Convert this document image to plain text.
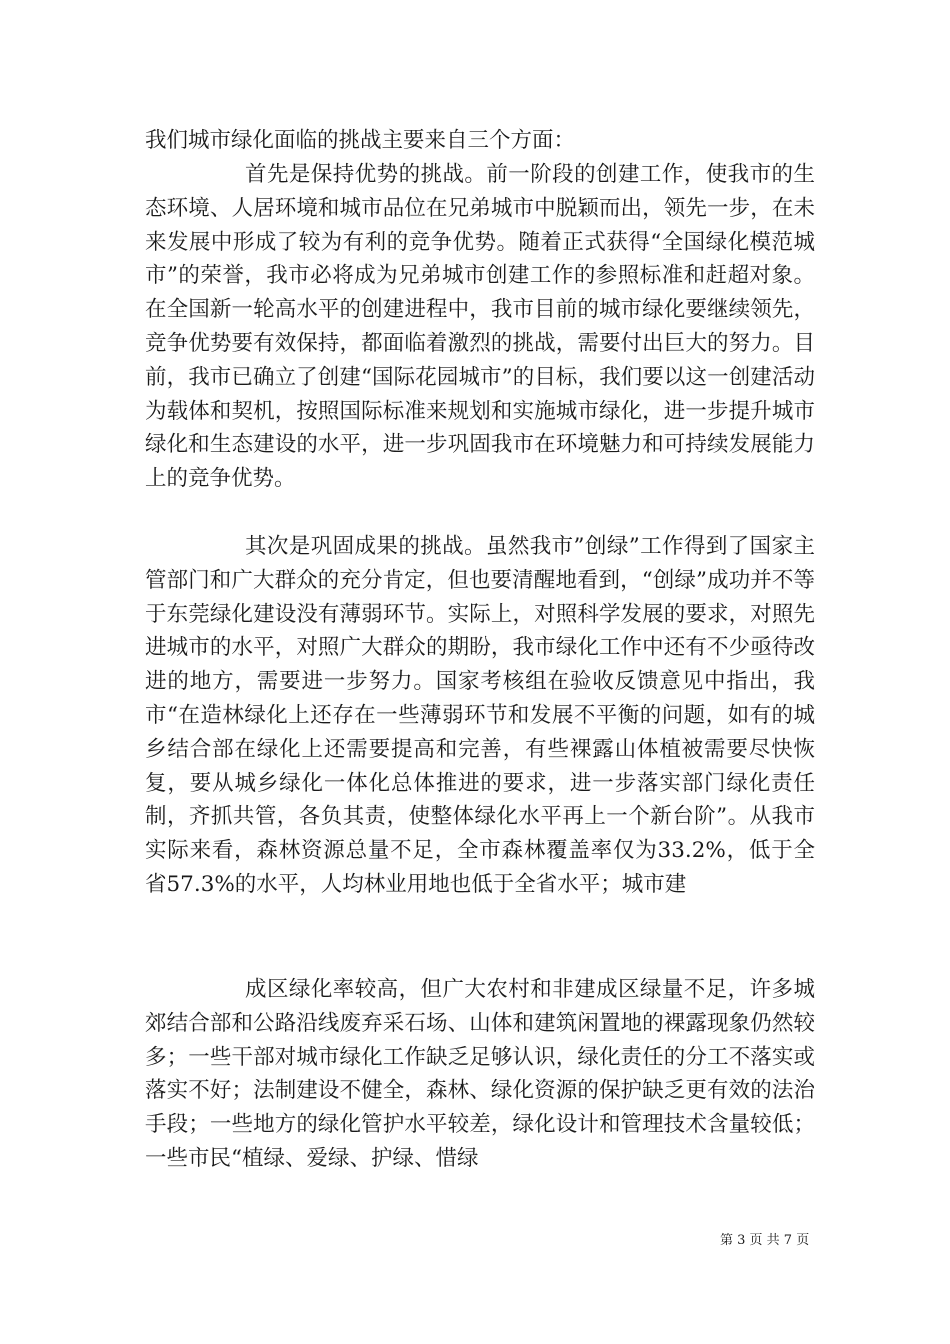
我们城市绿化面临的挑战主要来自三个方面：

首先是保持优势的挑战。前一阶段的创建工作，使我市的生态环境、人居环境和城市品位在兄弟城市中脱颖而出，领先一步，在未来发展中形成了较为有利的竞争优势。随着正式获得“全国绿化模范城市”的荣誉，我市必将成为兄弟城市创建工作的参照标准和赶超对象。在全国新一轮高水平的创建进程中，我市目前的城市绿化要继续领先，竞争优势要有效保持，都面临着激烈的挑战，需要付出巨大的努力。目前，我市已确立了创建“国际花园城市”的目标，我们要以这一创建活动为载体和契机，按照国际标准来规划和实施城市绿化，进一步提升城市绿化和生态建设的水平，进一步巩固我市在环境魅力和可持续发展能力上的竞争优势。

其次是巩固成果的挑战。虽然我市”创绿”工作得到了国家主管部门和广大群众的充分肯定，但也要清醒地看到，“创绿”成功并不等于东莞绿化建设没有薄弱环节。实际上，对照科学发展的要求，对照先进城市的水平，对照广大群众的期盼，我市绿化工作中还有不少亟待改进的地方，需要进一步努力。国家考核组在验收反馈意见中指出，我市“在造林绿化上还存在一些薄弱环节和发展不平衡的问题，如有的城乡结合部在绿化上还需要提高和完善，有些裸露山体植被需要尽快恢复，要从城乡绿化一体化总体推进的要求，进一步落实部门绿化责任制，齐抓共管，各负其责，使整体绿化水平再上一个新台阶”。从我市实际来看，森林资源总量不足，全市森林覆盖率仅为33.2%，低于全省57.3%的水平，人均林业用地也低于全省水平；城市建

成区绿化率较高，但广大农村和非建成区绿量不足，许多城郊结合部和公路沿线废弃采石场、山体和建筑闲置地的裸露现象仍然较多；一些干部对城市绿化工作缺乏足够认识，绿化责任的分工不落实或落实不好；法制建设不健全，森林、绿化资源的保护缺乏更有效的法治手段；一些地方的绿化管护水平较差，绿化设计和管理技术含量较低；一些市民“植绿、爱绿、护绿、惜绿

第 3 页 共 7 页
